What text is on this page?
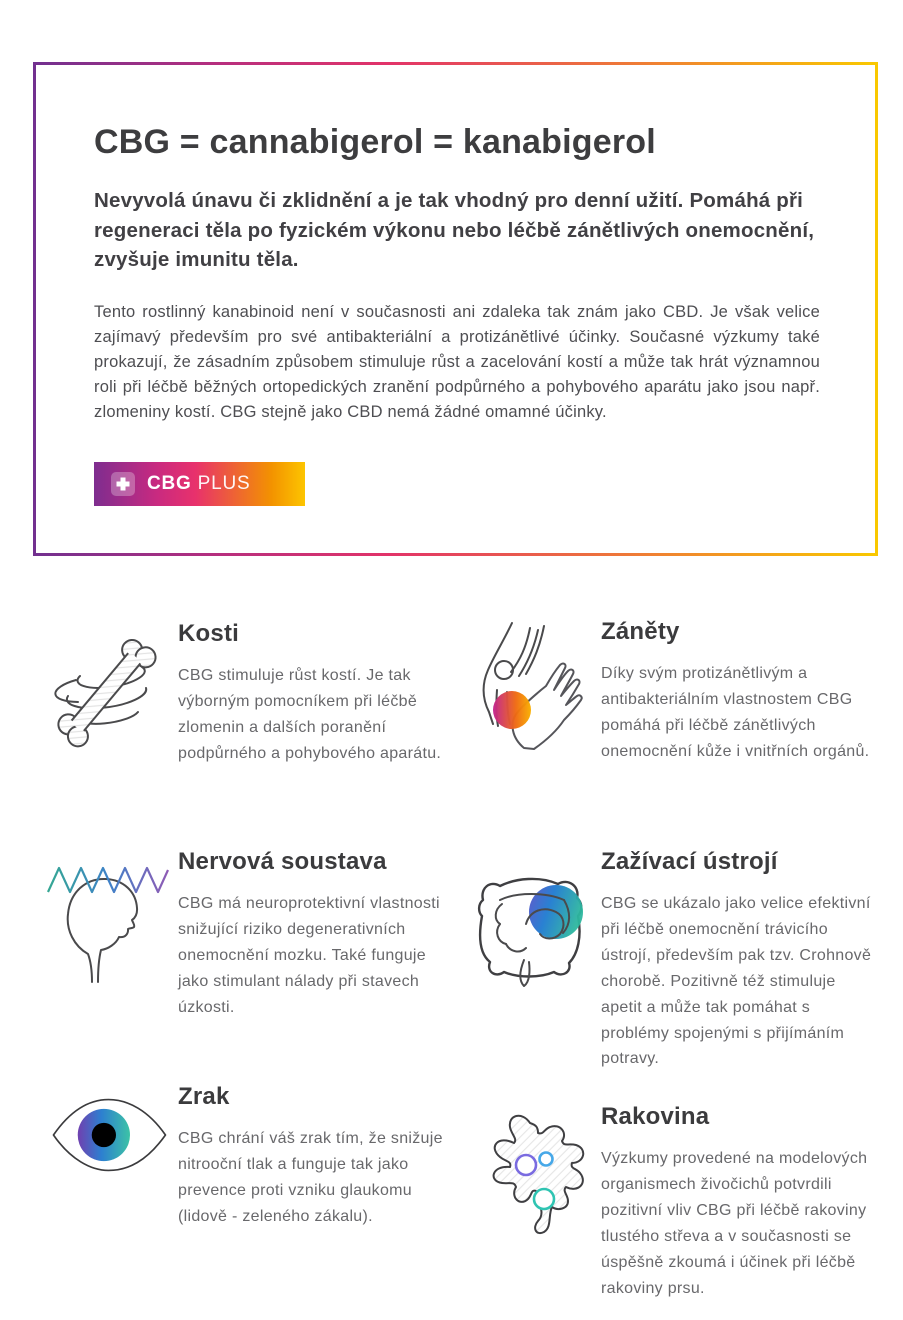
CBG = cannabigerol = kanabigerol

Nevyvolá únavu či zklidnění a je tak vhodný pro denní užití. Pomáhá při regeneraci těla po fyzickém výkonu nebo léčbě zánětlivých onemocnění, zvyšuje imunitu těla.

Tento rostlinný kanabinoid není v současnosti ani zdaleka tak znám jako CBD. Je však velice zajímavý především pro své antibakteriální a protizánětlivé účinky. Současné výzkumy také prokazují, že zásadním způsobem stimuluje růst a zacelování kostí a může tak hrát významnou roli při léčbě běžných ortopedických zranění podpůrného a pohybového aparátu jako jsou např. zlomeniny kostí. CBG stejně jako CBD nemá žádné omamné účinky.

CBG PLUS
Kosti

CBG stimuluje růst kostí. Je tak výborným pomocníkem při léčbě zlomenin a dalších poranění podpůrného a pohybového aparátu.

Záněty

Díky svým protizánětlivým a antibakteriálním vlastnostem CBG pomáhá při léčbě zánětlivých onemocnění kůže i vnitřních orgánů.

Nervová soustava

CBG má neuroprotektivní vlastnosti snižující riziko degenerativních onemocnění mozku. Také funguje jako stimulant nálady při stavech úzkosti.

Zažívací ústrojí

CBG se ukázalo jako velice efektivní při léčbě onemocnění trávicího ústrojí, především pak tzv. Crohnově chorobě. Pozitivně též stimuluje apetit a může tak pomáhat s problémy spojenými s přijímáním potravy.

Zrak

CBG chrání váš zrak tím, že snižuje nitrooční tlak a funguje tak jako prevence proti vzniku glaukomu (lidově - zeleného zákalu).

Rakovina

Výzkumy provedené na modelových organismech živočichů potvrdili pozitivní vliv CBG při léčbě rakoviny tlustého střeva a v současnosti se úspěšně zkoumá i účinek při léčbě rakoviny prsu.
